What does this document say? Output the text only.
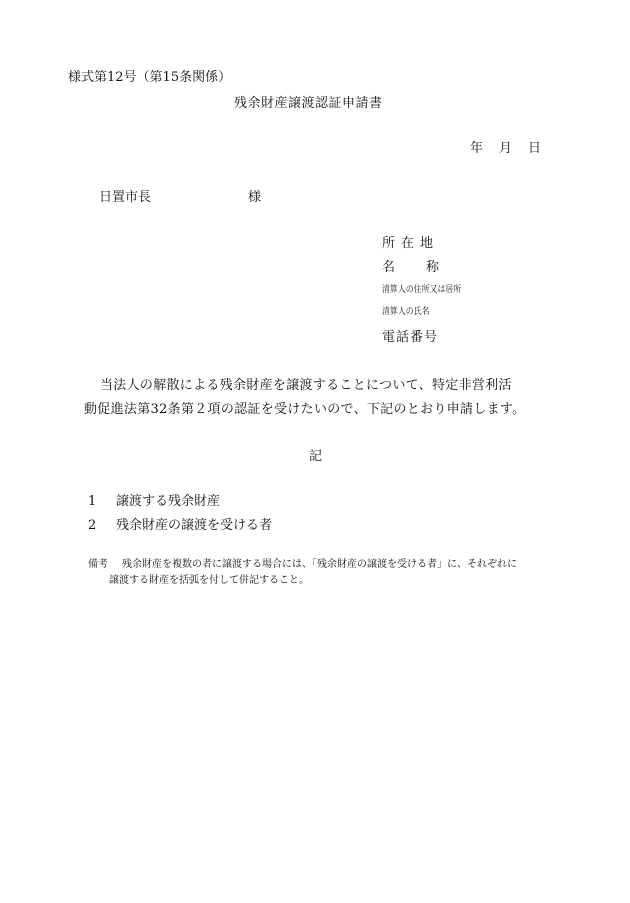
様式第12号（第15条関係）
残余財産譲渡認証申請書
年 月 日
日置市長	様
所在地
名 称
清算人の住所又は居所
清算人の氏名
電話番号
当法人の解散による残余財産を譲渡することについて、特定非営利活
動促進法第32条第２項の認証を受けたいので、下記のとおり申請します。
記
1 譲渡する残余財産
2 残余財産の譲渡を受ける者
備考 残余財産を複数の者に譲渡する場合には、「残余財産の譲渡を受ける者」に、それぞれに
譲渡する財産を括弧を付して併記すること。
